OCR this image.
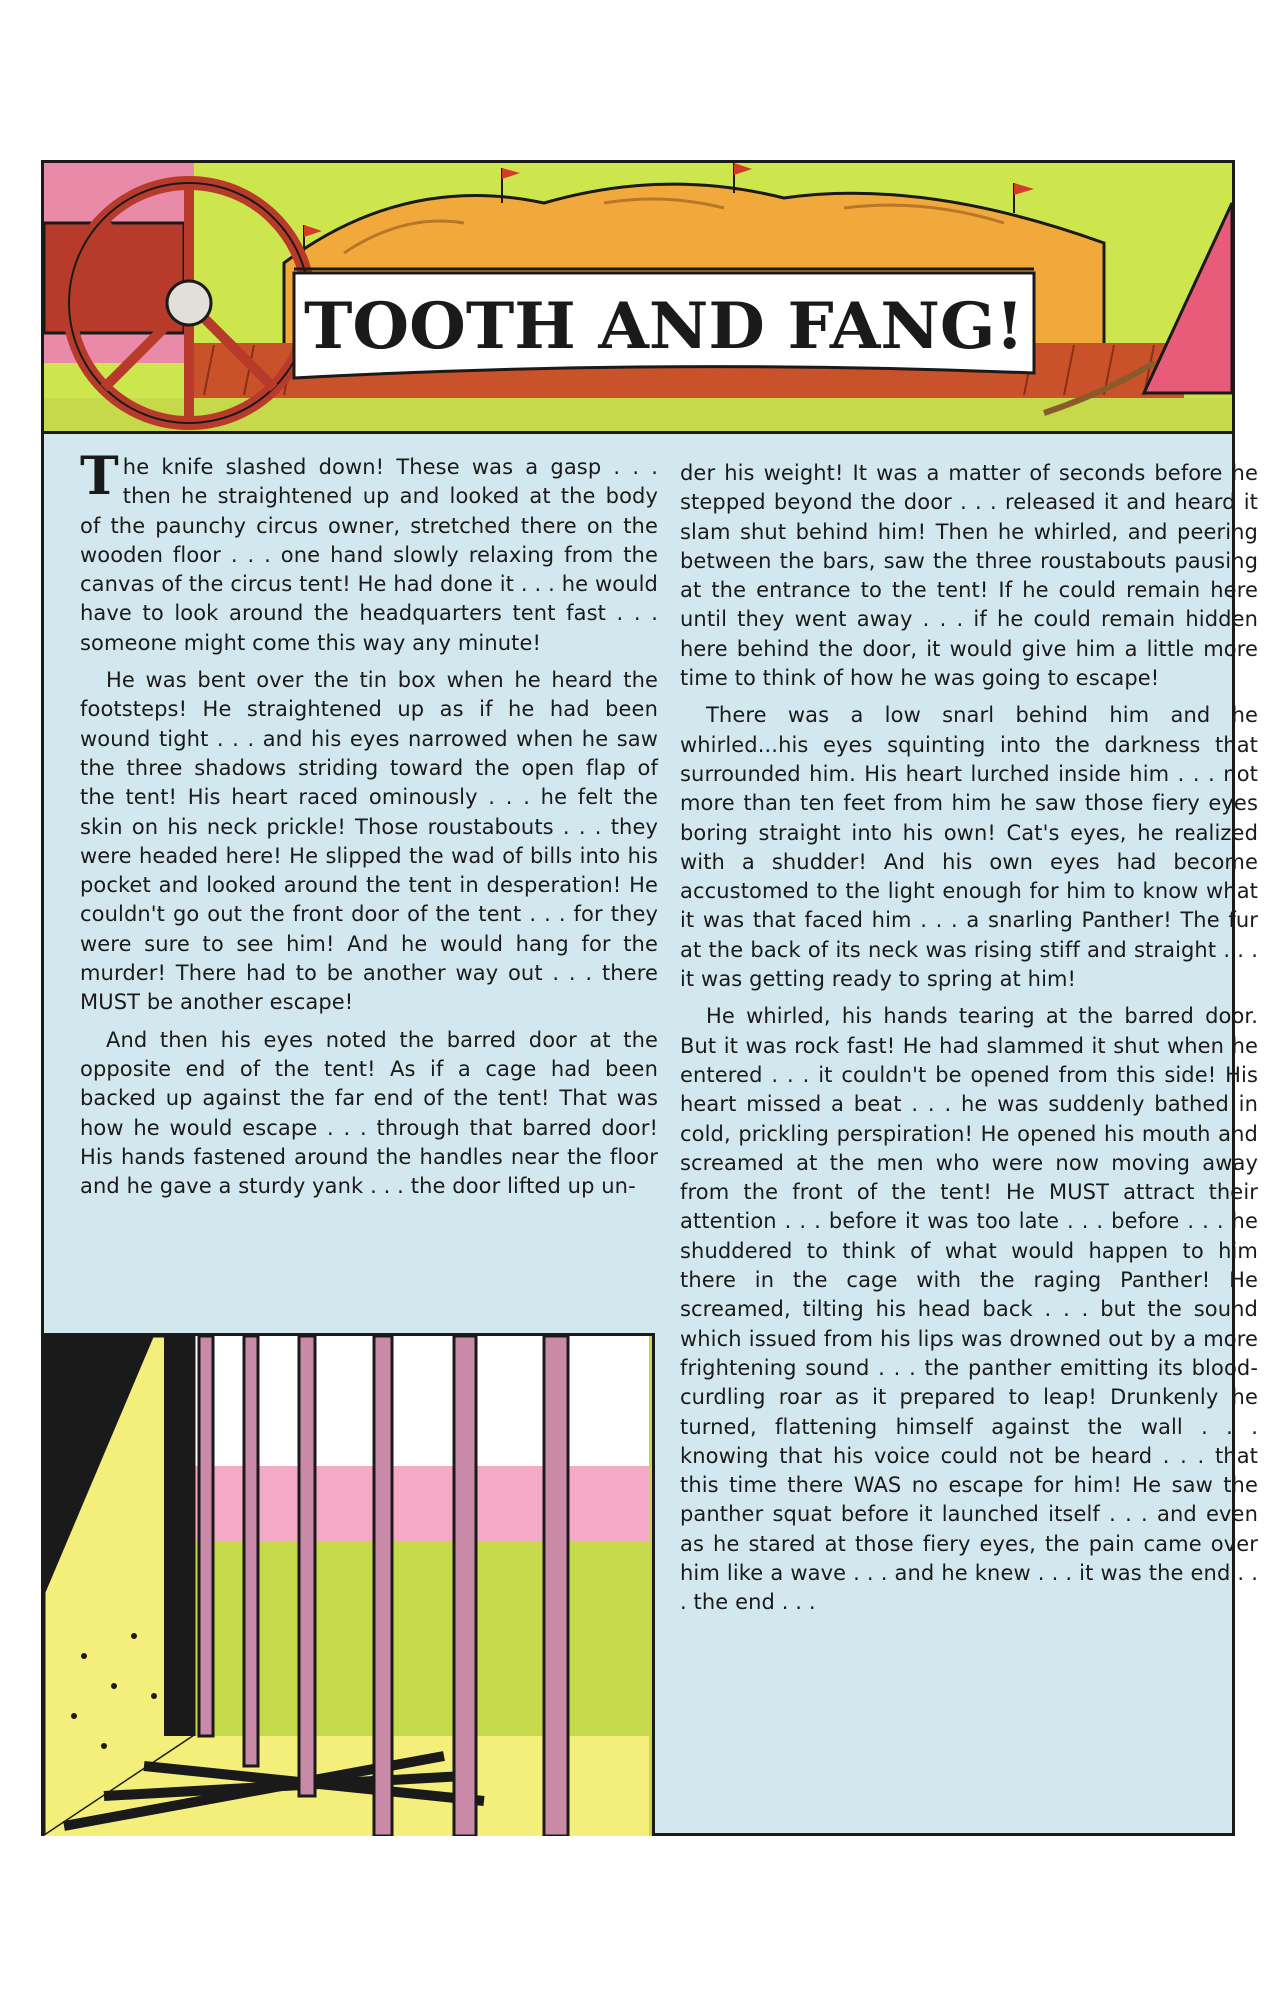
TOOTH AND FANG!

The knife slashed down! These was a gasp . . . then he straightened up and looked at the body of the paunchy circus owner, stretched there on the wooden floor . . . one hand slowly relaxing from the canvas of the circus tent! He had done it . . . he would have to look around the headquarters tent fast . . . someone might come this way any minute!

He was bent over the tin box when he heard the footsteps! He straightened up as if he had been wound tight . . . and his eyes narrowed when he saw the three shadows striding toward the open flap of the tent! His heart raced ominously . . . he felt the skin on his neck prickle! Those roustabouts . . . they were headed here! He slipped the wad of bills into his pocket and looked around the tent in desperation! He couldn't go out the front door of the tent . . . for they were sure to see him! And he would hang for the murder! There had to be another way out . . . there MUST be another escape!

And then his eyes noted the barred door at the opposite end of the tent! As if a cage had been backed up against the far end of the tent! That was how he would escape . . . through that barred door! His hands fastened around the handles near the floor and he gave a sturdy yank . . . the door lifted up un-

der his weight! It was a matter of seconds before he stepped beyond the door . . . released it and heard it slam shut behind him! Then he whirled, and peering between the bars, saw the three roustabouts pausing at the entrance to the tent! If he could remain here until they went away . . . if he could remain hidden here behind the door, it would give him a little more time to think of how he was going to escape!

There was a low snarl behind him and he whirled...his eyes squinting into the darkness that surrounded him. His heart lurched inside him . . . not more than ten feet from him he saw those fiery eyes boring straight into his own! Cat's eyes, he realized with a shudder! And his own eyes had become accustomed to the light enough for him to know what it was that faced him . . . a snarling Panther! The fur at the back of its neck was rising stiff and straight . . . it was getting ready to spring at him!

He whirled, his hands tearing at the barred door. But it was rock fast! He had slammed it shut when he entered . . . it couldn't be opened from this side! His heart missed a beat . . . he was suddenly bathed in cold, prickling perspiration! He opened his mouth and screamed at the men who were now moving away from the front of the tent! He MUST attract their attention . . . before it was too late . . . before . . . he shuddered to think of what would happen to him there in the cage with the raging Panther! He screamed, tilting his head back . . . but the sound which issued from his lips was drowned out by a more frightening sound . . . the panther emitting its blood-curdling roar as it prepared to leap! Drunkenly he turned, flattening himself against the wall . . . knowing that his voice could not be heard . . . that this time there WAS no escape for him! He saw the panther squat before it launched itself . . . and even as he stared at those fiery eyes, the pain came over him like a wave . . . and he knew . . . it was the end . . . the end . . .
